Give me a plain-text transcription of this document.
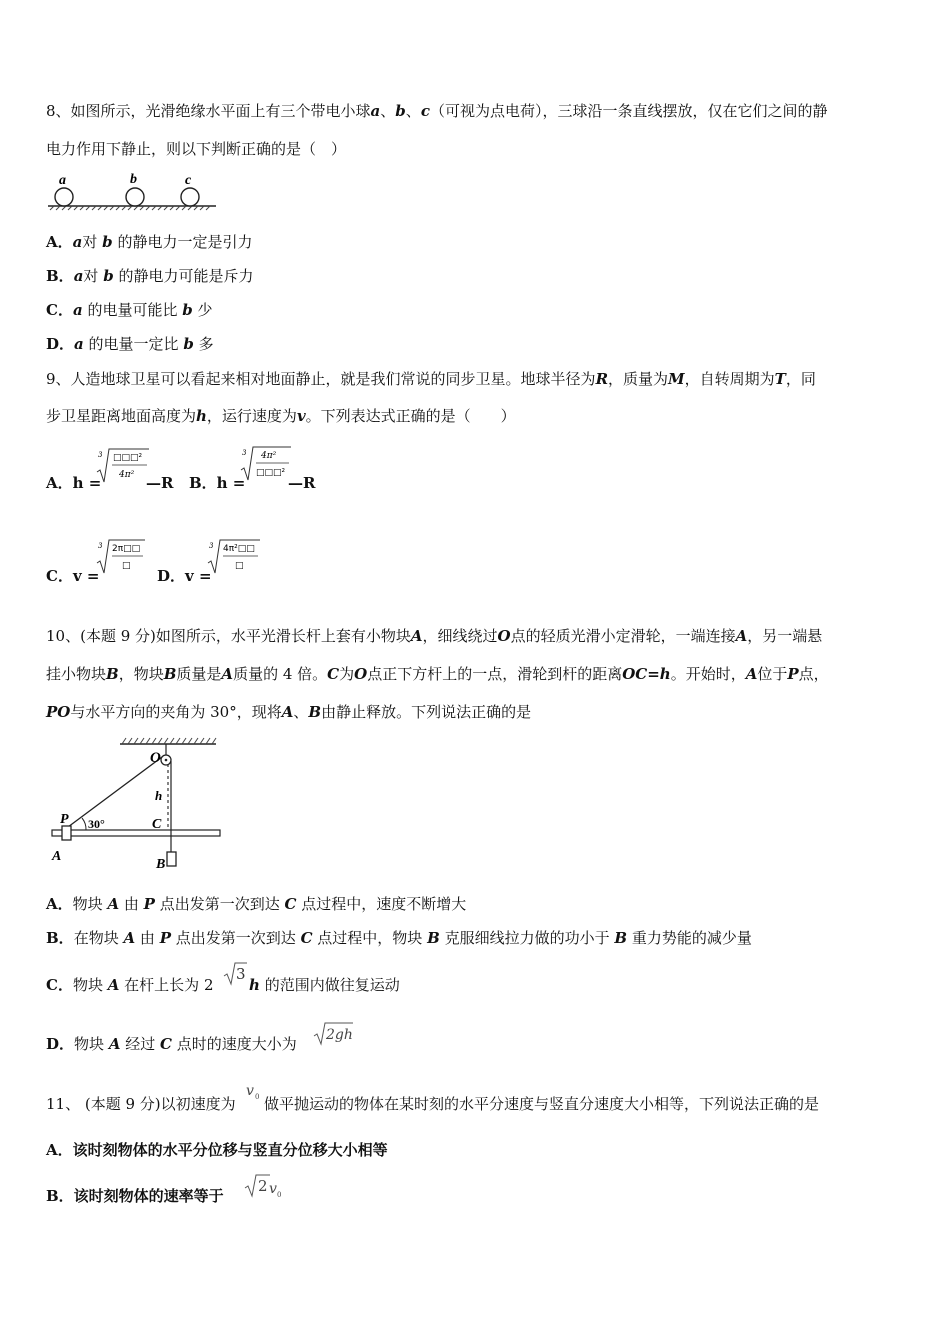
8、如图所示，光滑绝缘水平面上有三个带电小球a、b、c（可视为点电荷），三球沿一条直线摆放，仅在它们之间的静
电力作用下静止，则以下判断正确的是（　）
a	b	c
A．a对 b 的静电力一定是引力
B．a对 b 的静电力可能是斥力
C．a 的电量可能比 b 少
D．a 的电量一定比 b 多
9、人造地球卫星可以看起来相对地面静止，就是我们常说的同步卫星。地球半径为R，质量为M，自转周期为T，同
步卫星距离地面高度为h，运行速度为v。下列表达式正确的是（　　）
A．h =
3 □□□²
4π² —R B．h =
3 4π²
□□□²
—R
C．v =
3 2π□□
□
D．v =
3 4π²□□
□
10、(本题 9 分)如图所示，水平光滑长杆上套有小物块A，细线绕过O点的轻质光滑小定滑轮，一端连接A，另一端悬
挂小物块B，物块B质量是A质量的 4 倍。C为O点正下方杆上的一点，滑轮到杆的距离OC=h。开始时，A位于P点，
PO与水平方向的夹角为 30°，现将A、B由静止释放。下列说法正确的是
O
h
P 30°	C
A
B
A．物块 A 由 P 点出发第一次到达 C 点过程中，速度不断增大
B．在物块 A 由 P 点出发第一次到达 C 点过程中，物块 B 克服细线拉力做的功小于 B 重力势能的减少量
C．物块 A 在杆上长为 2
3
h 的范围内做往复运动
D．物块 A 经过 C 点时的速度大小为 2gh
11、 (本题 9 分)以初速度为
v 0 做平抛运动的物体在某时刻的水平分速度与竖直分速度大小相等，下列说法正确的是
A．该时刻物体的水平分位移与竖直分位移大小相等
B．该时刻物体的速率等于
2 v 0
